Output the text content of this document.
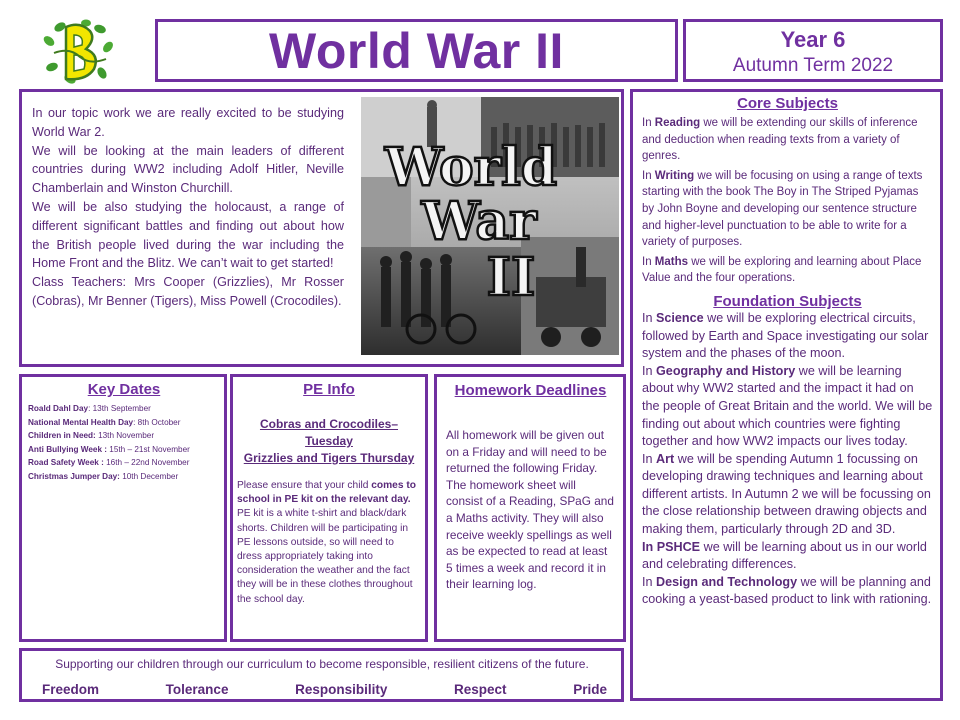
World War II	Year 6
Autumn Term 2022
In our topic work we are really excited to be studying World War 2.
We will be looking at the main leaders of different countries during WW2 including Adolf Hitler, Neville Chamberlain and Winston Churchill.
We will be also studying the holocaust, a range of different significant battles and finding out about how the British people lived during the war including the Home Front and the Blitz. We can’t wait to get started!
Class Teachers: Mrs Cooper (Grizzlies), Mr Rosser (Cobras), Mr Benner (Tigers), Miss Powell (Crocodiles).
World
War
II
Core Subjects
In Reading we will be extending our skills of inference and deduction when reading texts from a variety of genres.
In Writing we will be focusing on using a range of texts starting with the book The Boy in The Striped Pyjamas by John Boyne and developing our sentence structure and higher-level punctuation to be able to write for a variety of purposes.
In Maths we will be exploring and learning about Place Value and the four operations.
Foundation Subjects
In Science we will be exploring electrical circuits, followed by Earth and Space investigating our solar system and the phases of the moon.
In Geography and History we will be learning about why WW2 started and the impact it had on the people of Great Britain and the world. We will be finding out about which countries were fighting together and how WW2 impacts our lives today.
In Art we will be spending Autumn 1 focussing on developing drawing techniques and learning about different artists. In Autumn 2 we will be focussing on the close relationship between drawing objects and making them, particularly through 2D and 3D.
In PSHCE we will be learning about us in our world and celebrating differences.
In Design and Technology we will be planning and cooking a yeast-based product to link with rationing.
Key Dates
Roald Dahl Day: 13th September
National Mental Health Day: 8th October
Children in Need: 13th November
Anti Bullying Week : 15th – 21st November
Road Safety Week : 16th – 22nd November
Christmas Jumper Day: 10th December
PE Info
Cobras and Crocodiles– Tuesday
Grizzlies and Tigers Thursday
Please ensure that your child comes to school in PE kit on the relevant day. PE kit is a white t-shirt and black/dark shorts. Children will be participating in PE lessons outside, so will need to dress appropriately taking into consideration the weather and the fact they will be in these clothes throughout the school day.
Homework Deadlines
All homework will be given out on a Friday and will need to be returned the following Friday. The homework sheet will consist of a Reading, SPaG and a Maths activity. They will also receive weekly spellings as well as be expected to read at least 5 times a week and record it in their learning log.
Supporting our children through our curriculum to become responsible, resilient citizens of the future.
Freedom	Tolerance	Responsibility	Respect	Pride
